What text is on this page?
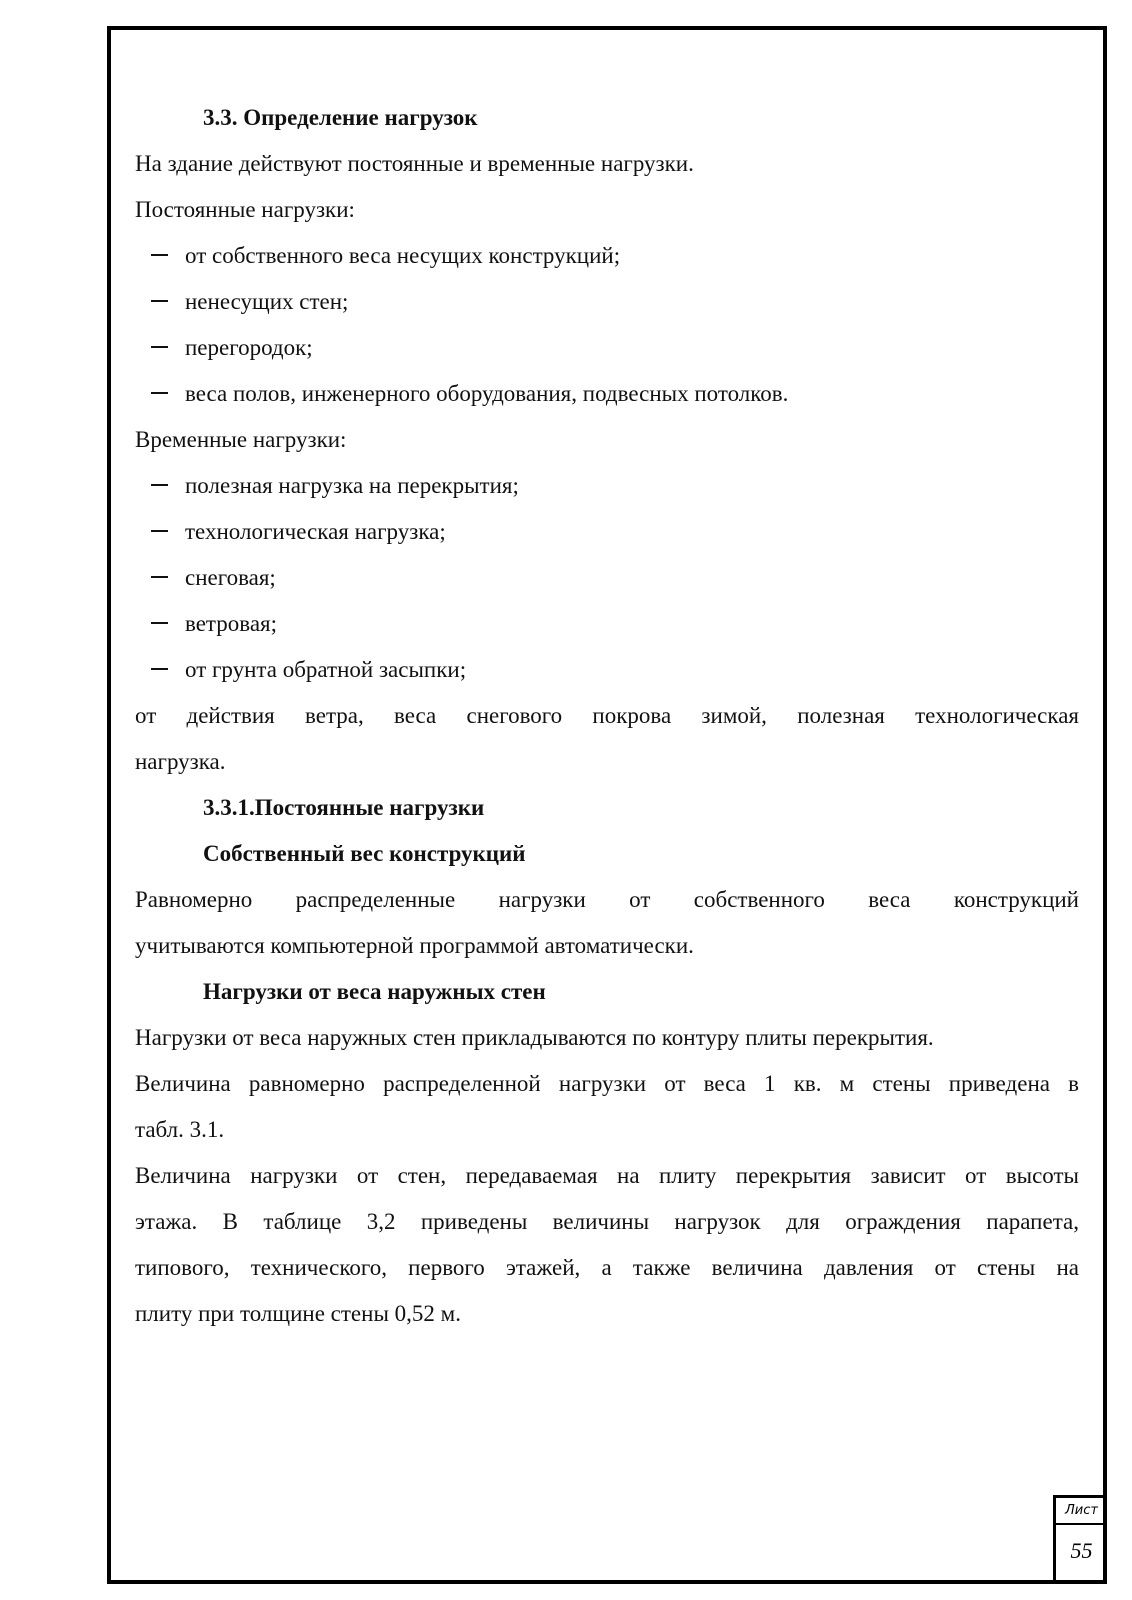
3.3. Определение нагрузок

На здание действуют постоянные и временные нагрузки.

Постоянные нагрузки:

от собственного веса несущих конструкций;
ненесущих стен;
перегородок;
веса полов, инженерного оборудования, подвесных потолков.

Временные нагрузки:

полезная нагрузка на перекрытия;
технологическая нагрузка;
снеговая;
ветровая;
от грунта обратной засыпки;

от действия ветра, веса снегового покрова зимой, полезная технологическая

нагрузка.

3.3.1.Постоянные нагрузки

Собственный вес конструкций

Равномерно распределенные нагрузки от собственного веса конструкций

учитываются компьютерной программой автоматически.

Нагрузки от веса наружных стен

Нагрузки от веса наружных стен прикладываются по контуру плиты перекрытия.

Величина равномерно распределенной нагрузки от веса 1 кв. м стены приведена в

табл. 3.1.

Величина нагрузки от стен, передаваемая на плиту перекрытия зависит от высоты

этажа. В таблице 3,2 приведены величины нагрузок для ограждения парапета,

типового, технического, первого этажей, а также величина давления от стены на

плиту при толщине стены 0,52 м.

Лист
55
